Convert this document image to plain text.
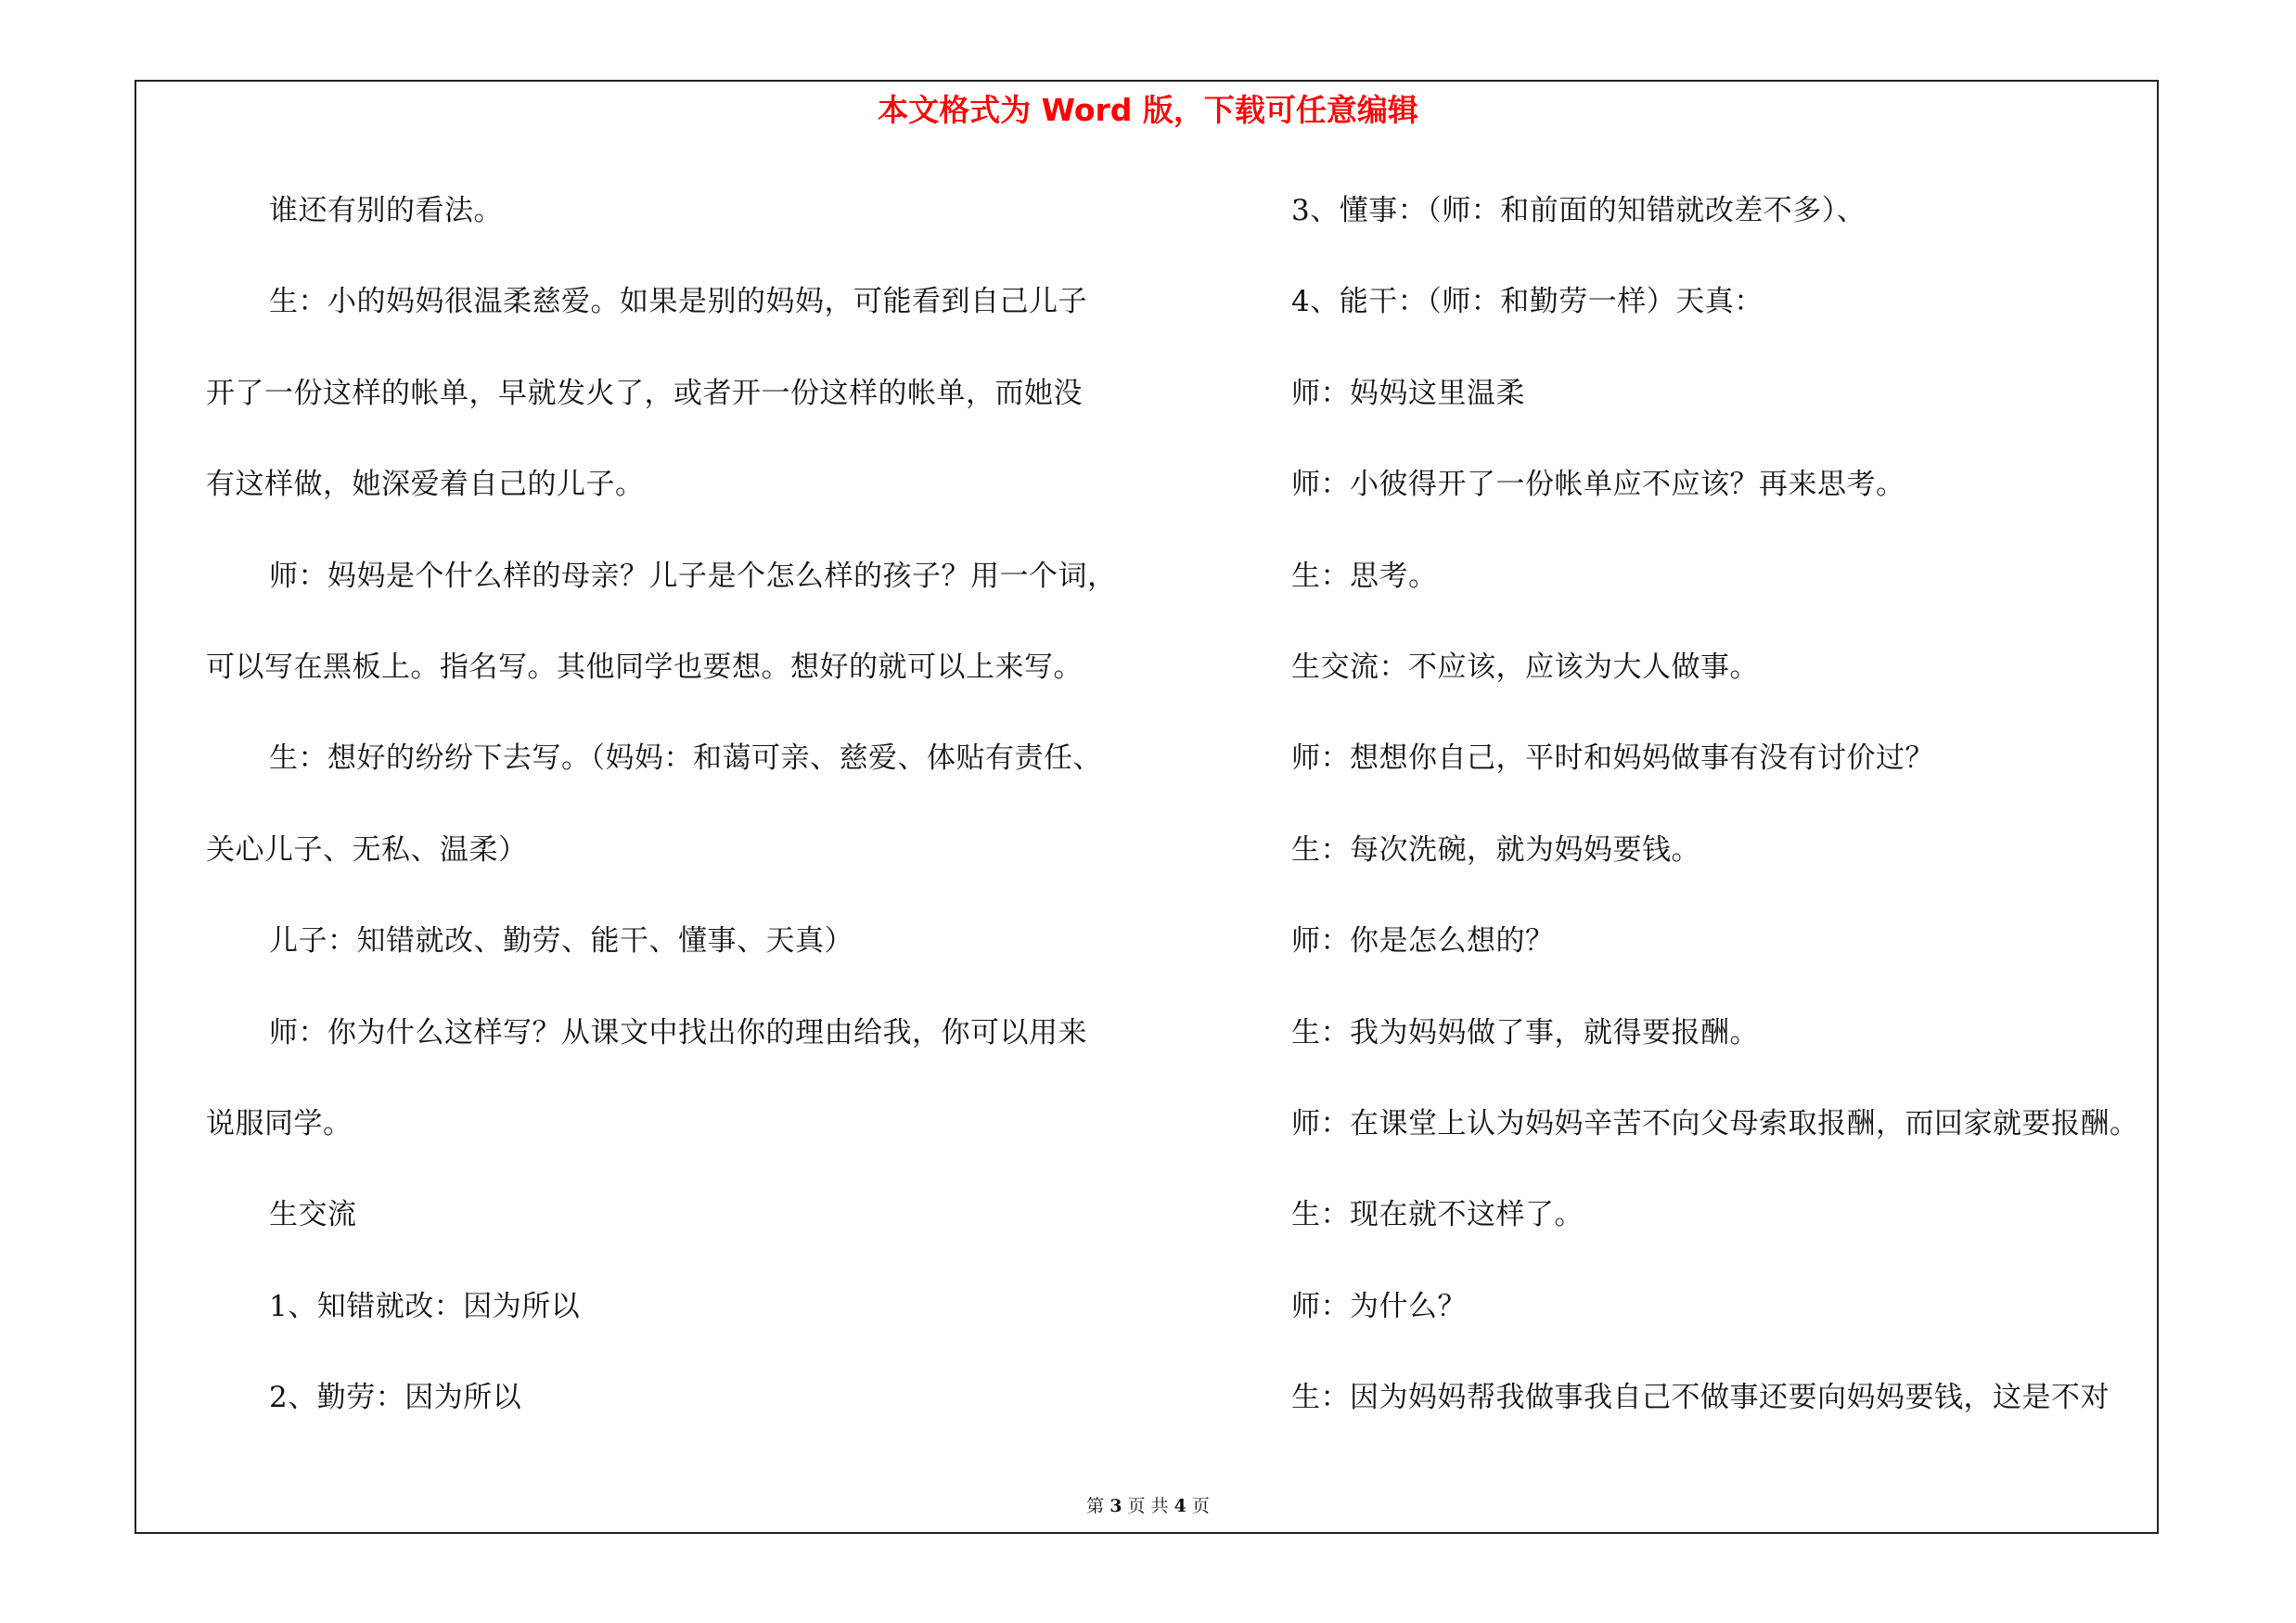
本文格式为 Word 版，下载可任意编辑

谁还有别的看法。

生：小的妈妈很温柔慈爱。如果是别的妈妈，可能看到自己儿子

开了一份这样的帐单，早就发火了，或者开一份这样的帐单，而她没

有这样做，她深爱着自己的儿子。

师：妈妈是个什么样的母亲？儿子是个怎么样的孩子？用一个词，

可以写在黑板上。指名写。其他同学也要想。想好的就可以上来写。

生：想好的纷纷下去写。（妈妈：和蔼可亲、慈爱、体贴有责任、

关心儿子、无私、温柔）

儿子：知错就改、勤劳、能干、懂事、天真）

师：你为什么这样写？从课文中找出你的理由给我，你可以用来

说服同学。

生交流

1、知错就改：因为所以

2、勤劳：因为所以

3、懂事：（师：和前面的知错就改差不多）、

4、能干：（师：和勤劳一样）天真：

师：妈妈这里温柔

师：小彼得开了一份帐单应不应该？再来思考。

生：思考。

生交流：不应该，应该为大人做事。

师：想想你自己，平时和妈妈做事有没有讨价过？

生：每次洗碗，就为妈妈要钱。

师：你是怎么想的？

生：我为妈妈做了事，就得要报酬。

师：在课堂上认为妈妈辛苦不向父母索取报酬，而回家就要报酬。

生：现在就不这样了。

师：为什么？

生：因为妈妈帮我做事我自己不做事还要向妈妈要钱，这是不对

第 3 页 共 4 页
